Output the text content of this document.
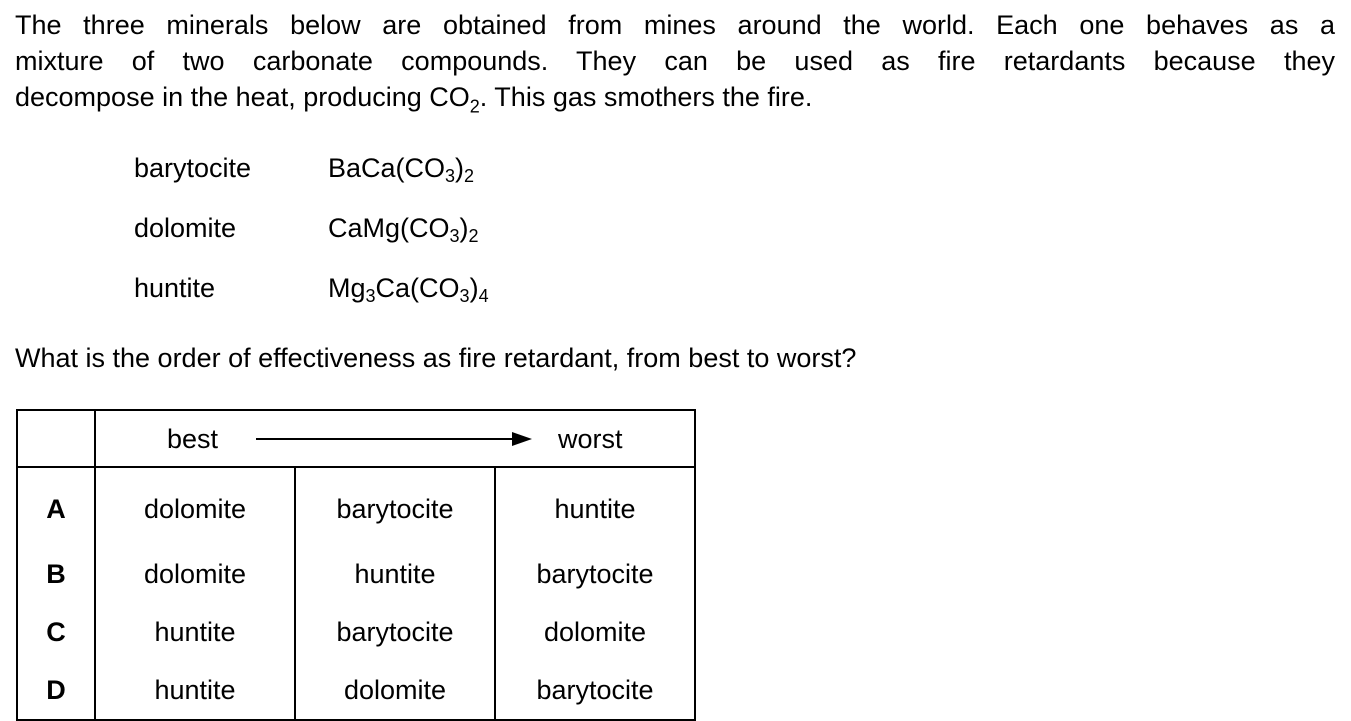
The three minerals below are obtained from mines around the world. Each one behaves as a
mixture of two carbonate compounds. They can be used as fire retardants because they
decompose in the heat, producing $CO_2$. This gas smothers the fire.
barytocite	$BaCa(CO_3)_2$
dolomite	$CaMg(CO_3)_2$
huntite	$Mg_3Ca(CO_3)_4$

What is the order of effectiveness as fire retardant, from best to worst?

	best worst		

A	dolomite	barytocite	huntite
B	dolomite	huntite	barytocite
C	huntite	barytocite	dolomite
D	huntite	dolomite	barytocite
